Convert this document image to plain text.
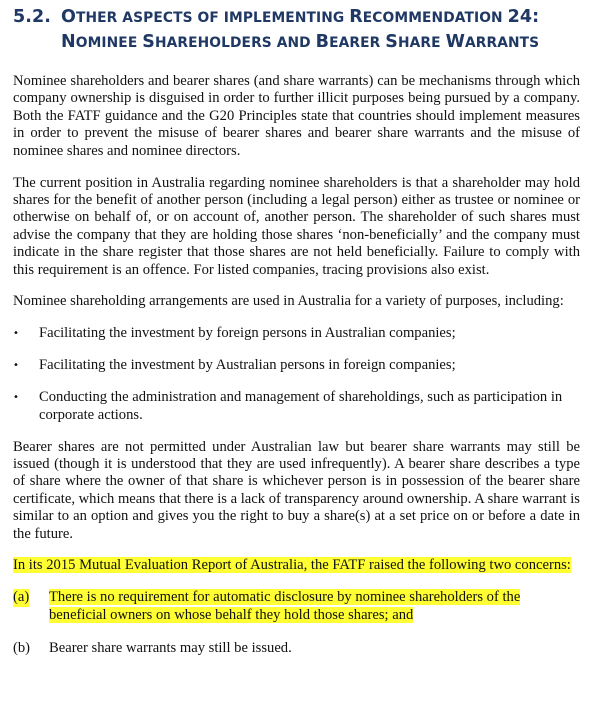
5.2. OTHER ASPECTS OF IMPLEMENTING RECOMMENDATION 24:
NOMINEE SHAREHOLDERS AND BEARER SHARE WARRANTS

Nominee shareholders and bearer shares (and share warrants) can be mechanisms through which company ownership is disguised in order to further illicit purposes being pursued by a company. Both the FATF guidance and the G20 Principles state that countries should implement measures in order to prevent the misuse of bearer shares and bearer share warrants and the misuse of nominee shares and nominee directors.

The current position in Australia regarding nominee shareholders is that a shareholder may hold shares for the benefit of another person (including a legal person) either as trustee or nominee or otherwise on behalf of, or on account of, another person. The shareholder of such shares must advise the company that they are holding those shares ‘non-beneficially’ and the company must indicate in the share register that those shares are not held beneficially. Failure to comply with this requirement is an offence. For listed companies, tracing provisions also exist.

Nominee shareholding arrangements are used in Australia for a variety of purposes, including:

• Facilitating the investment by foreign persons in Australian companies;
• Facilitating the investment by Australian persons in foreign companies;
• Conducting the administration and management of shareholdings, such as participation in corporate actions.

Bearer shares are not permitted under Australian law but bearer share warrants may still be issued (though it is understood that they are used infrequently). A bearer share describes a type of share where the owner of that share is whichever person is in possession of the bearer share certificate, which means that there is a lack of transparency around ownership. A share warrant is similar to an option and gives you the right to buy a share(s) at a set price on or before a date in the future.

In its 2015 Mutual Evaluation Report of Australia, the FATF raised the following two concerns:

(a) There is no requirement for automatic disclosure by nominee shareholders of the beneficial owners on whose behalf they hold those shares; and
(b) Bearer share warrants may still be issued.
